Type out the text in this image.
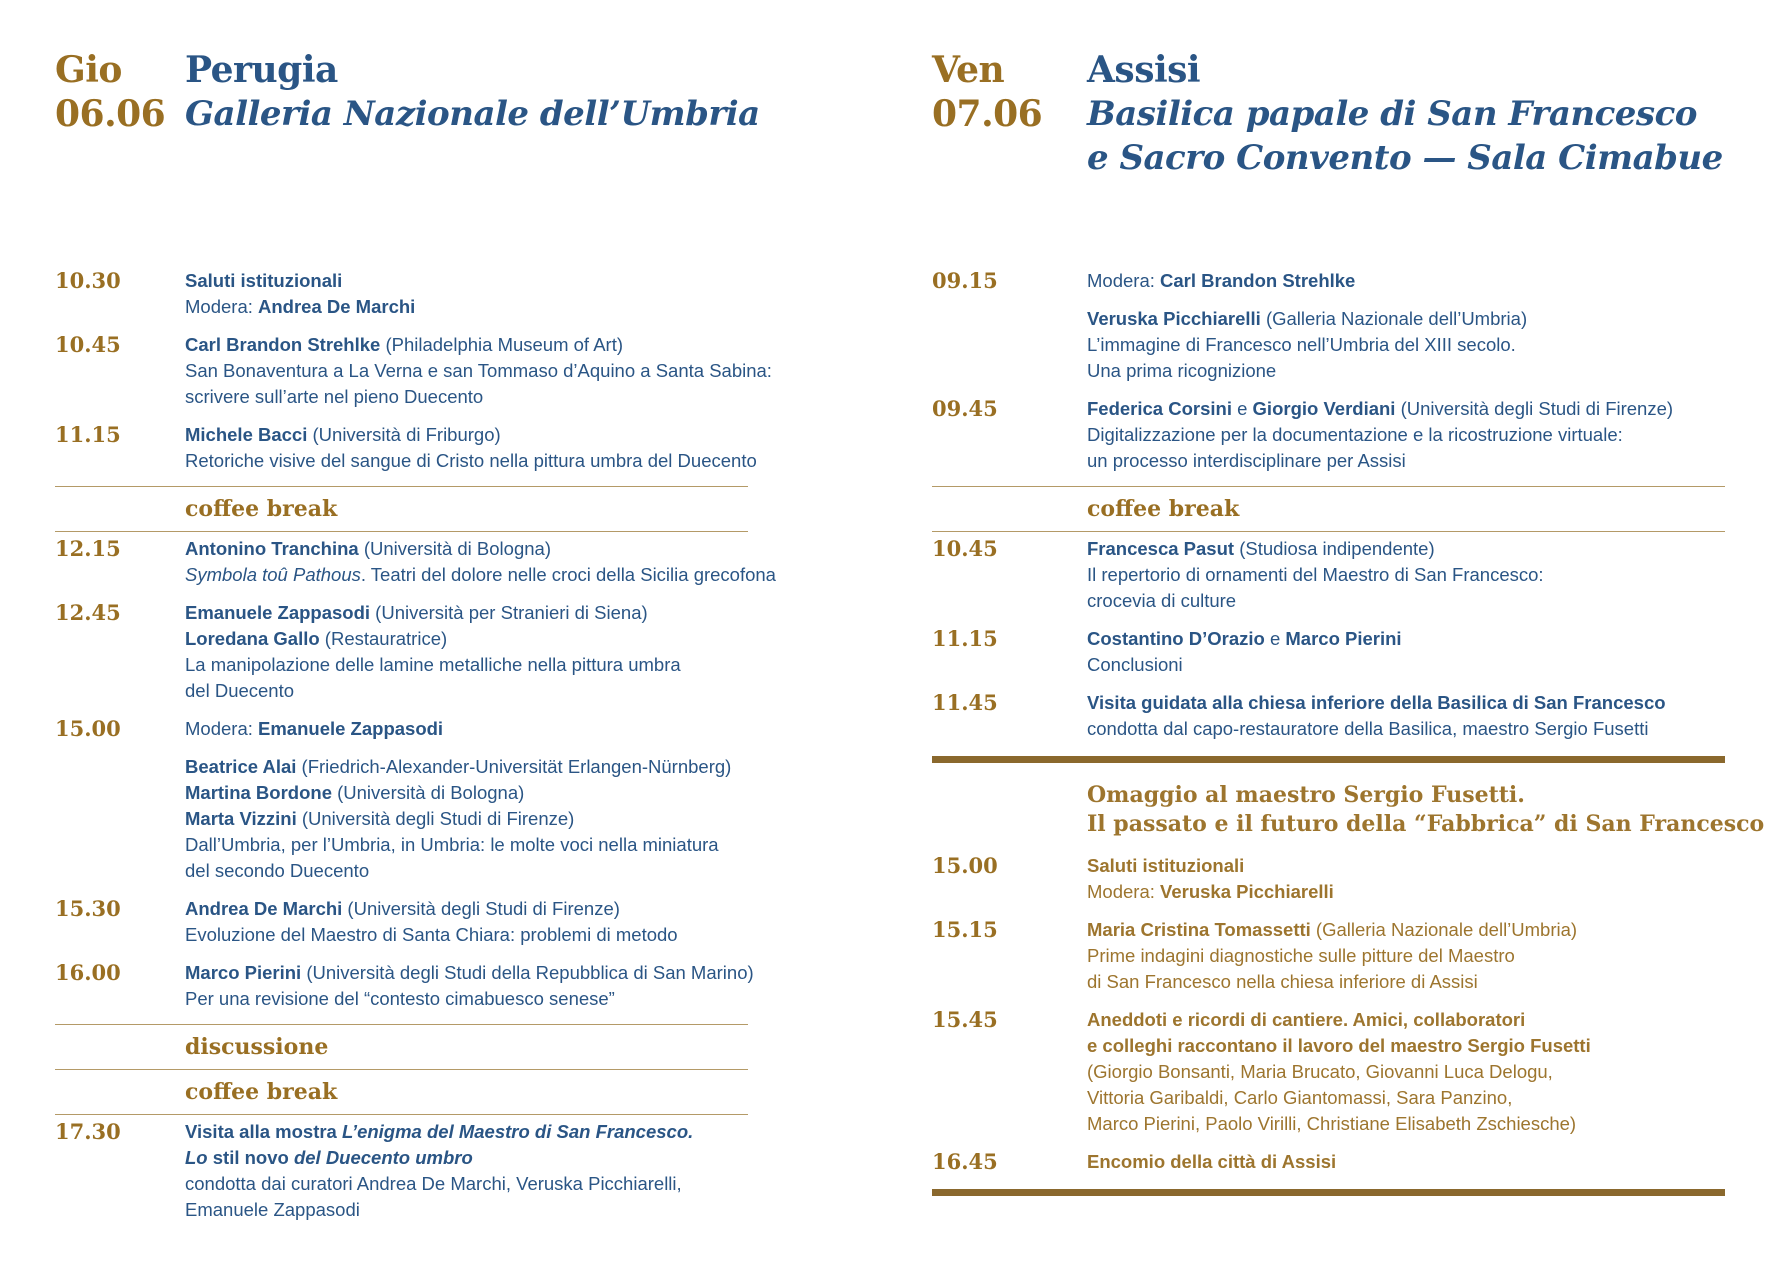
Gio
06.06
Perugia
Galleria Nazionale dell’Umbria
10.30	Saluti istituzionali
Modera: Andrea De Marchi
10.45	Carl Brandon Strehlke (Philadelphia Museum of Art)
San Bonaventura a La Verna e san Tommaso d’Aquino a Santa Sabina:
scrivere sull’arte nel pieno Duecento
11.15	Michele Bacci (Università di Friburgo)
Retoriche visive del sangue di Cristo nella pittura umbra del Duecento
coffee break
12.15	Antonino Tranchina (Università di Bologna)
Symbola toû Pathous. Teatri del dolore nelle croci della Sicilia grecofona
12.45	Emanuele Zappasodi (Università per Stranieri di Siena)
Loredana Gallo (Restauratrice)
La manipolazione delle lamine metalliche nella pittura umbra
del Duecento
15.00	Modera: Emanuele Zappasodi
Beatrice Alai (Friedrich-Alexander-Universität Erlangen-Nürnberg)
Martina Bordone (Università di Bologna)
Marta Vizzini (Università degli Studi di Firenze)
Dall’Umbria, per l’Umbria, in Umbria: le molte voci nella miniatura
del secondo Duecento
15.30	Andrea De Marchi (Università degli Studi di Firenze)
Evoluzione del Maestro di Santa Chiara: problemi di metodo
16.00	Marco Pierini (Università degli Studi della Repubblica di San Marino)
Per una revisione del “contesto cimabuesco senese”
discussione
coffee break
17.30	Visita alla mostra L’enigma del Maestro di San Francesco.
Lo stil novo del Duecento umbro
condotta dai curatori Andrea De Marchi, Veruska Picchiarelli,
Emanuele Zappasodi
Ven
07.06
Assisi
Basilica papale di San Francesco
e Sacro Convento — Sala Cimabue
09.15	Modera: Carl Brandon Strehlke
Veruska Picchiarelli (Galleria Nazionale dell’Umbria)
L’immagine di Francesco nell’Umbria del XIII secolo.
Una prima ricognizione
09.45	Federica Corsini e Giorgio Verdiani (Università degli Studi di Firenze)
Digitalizzazione per la documentazione e la ricostruzione virtuale:
un processo interdisciplinare per Assisi
coffee break
10.45	Francesca Pasut (Studiosa indipendente)
Il repertorio di ornamenti del Maestro di San Francesco:
crocevia di culture
11.15	Costantino D’Orazio e Marco Pierini
Conclusioni
11.45	Visita guidata alla chiesa inferiore della Basilica di San Francesco
condotta dal capo-restauratore della Basilica, maestro Sergio Fusetti
Omaggio al maestro Sergio Fusetti.
Il passato e il futuro della “Fabbrica” di San Francesco
15.00	Saluti istituzionali
Modera: Veruska Picchiarelli
15.15	Maria Cristina Tomassetti (Galleria Nazionale dell’Umbria)
Prime indagini diagnostiche sulle pitture del Maestro
di San Francesco nella chiesa inferiore di Assisi
15.45	Aneddoti e ricordi di cantiere. Amici, collaboratori
e colleghi raccontano il lavoro del maestro Sergio Fusetti
(Giorgio Bonsanti, Maria Brucato, Giovanni Luca Delogu,
Vittoria Garibaldi, Carlo Giantomassi, Sara Panzino,
Marco Pierini, Paolo Virilli, Christiane Elisabeth Zschiesche)
16.45	Encomio della città di Assisi
